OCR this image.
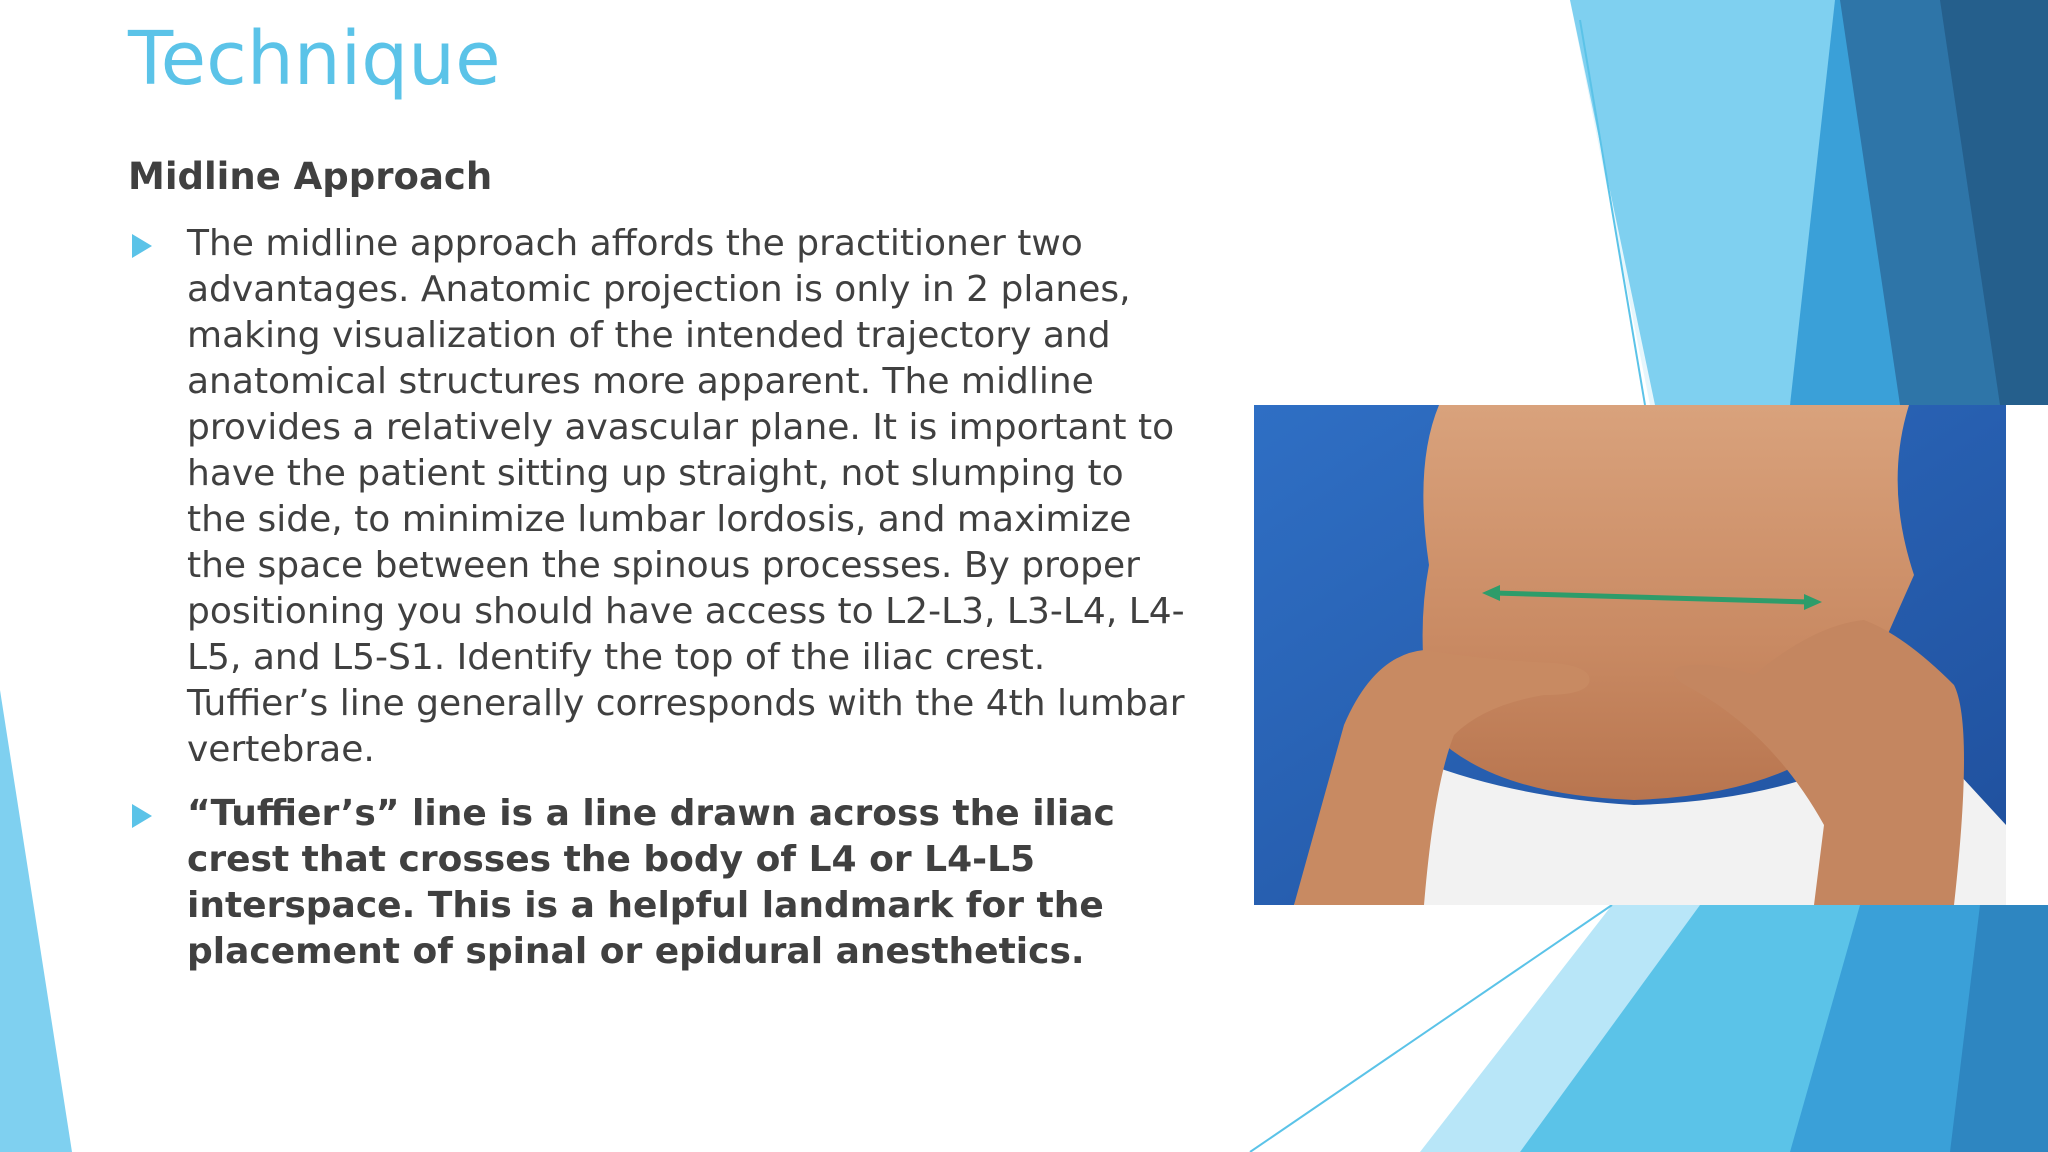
Technique
Midline Approach
The midline approach affords the practitioner two advantages. Anatomic projection is only in 2 planes, making visualization of the intended trajectory and anatomical structures more apparent. The midline provides a relatively avascular plane. It is important to have the patient sitting up straight, not slumping to the side, to minimize lumbar lordosis, and maximize the space between the spinous processes. By proper positioning you should have access to L2-L3, L3-L4, L4-L5, and L5-S1. Identify the top of the iliac crest. Tuffier’s line generally corresponds with the 4th lumbar vertebrae.
“Tuffier’s” line is a line drawn across the iliac crest that crosses the body of L4 or L4-L5 interspace. This is a helpful landmark for the placement of spinal or epidural anesthetics.
